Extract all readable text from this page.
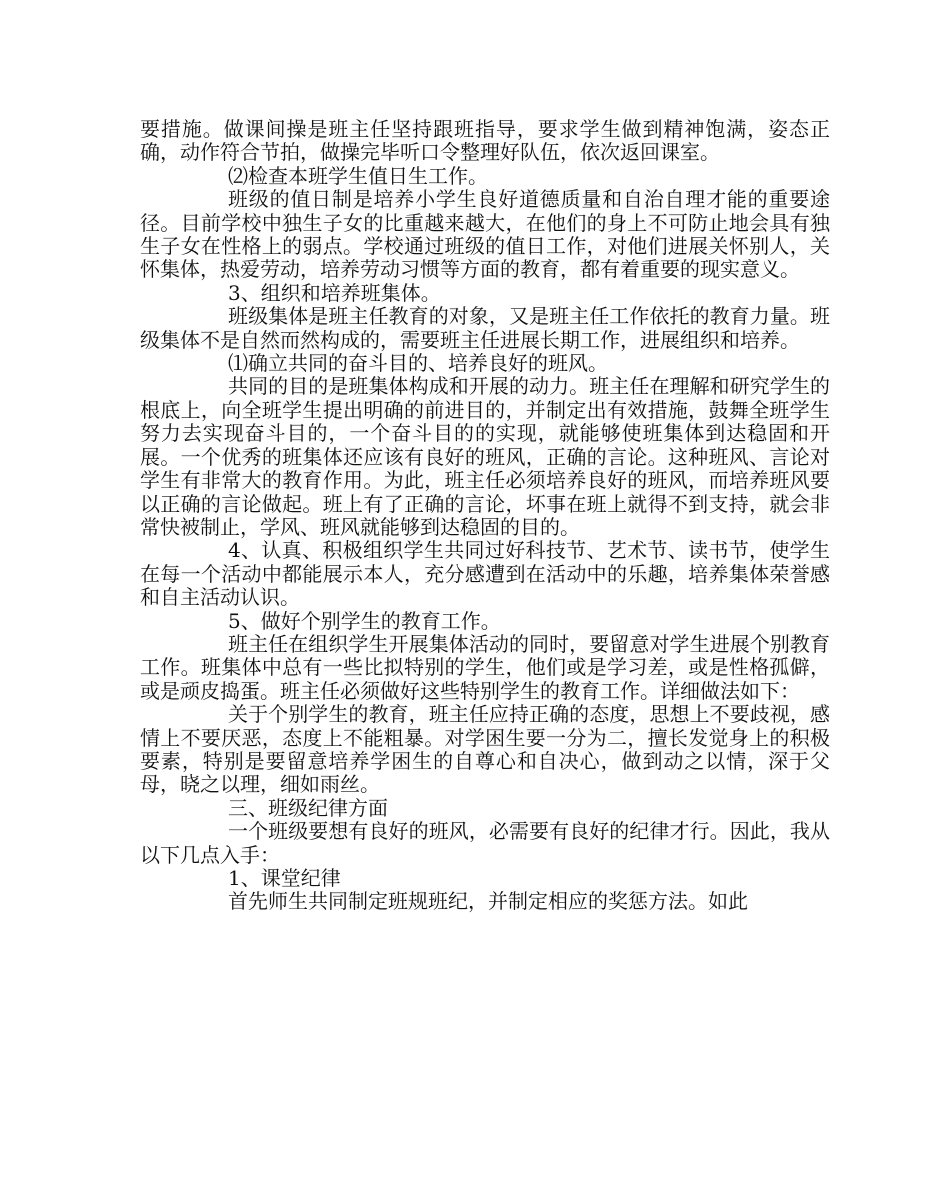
要措施。做课间操是班主任坚持跟班指导，要求学生做到精神饱满，姿态正确，动作符合节拍，做操完毕听口令整理好队伍，依次返回课室。

⑵检查本班学生值日生工作。

班级的值日制是培养小学生良好道德质量和自治自理才能的重要途径。目前学校中独生子女的比重越来越大，在他们的身上不可防止地会具有独生子女在性格上的弱点。学校通过班级的值日工作，对他们进展关怀别人，关怀集体，热爱劳动，培养劳动习惯等方面的教育，都有着重要的现实意义。

3、组织和培养班集体。

班级集体是班主任教育的对象，又是班主任工作依托的教育力量。班级集体不是自然而然构成的，需要班主任进展长期工作，进展组织和培养。

⑴确立共同的奋斗目的、培养良好的班风。

共同的目的是班集体构成和开展的动力。班主任在理解和研究学生的根底上，向全班学生提出明确的前进目的，并制定出有效措施，鼓舞全班学生努力去实现奋斗目的，一个奋斗目的的实现，就能够使班集体到达稳固和开展。一个优秀的班集体还应该有良好的班风，正确的言论。这种班风、言论对学生有非常大的教育作用。为此，班主任必须培养良好的班风，而培养班风要以正确的言论做起。班上有了正确的言论，坏事在班上就得不到支持，就会非常快被制止，学风、班风就能够到达稳固的目的。

4、认真、积极组织学生共同过好科技节、艺术节、读书节，使学生在每一个活动中都能展示本人，充分感遭到在活动中的乐趣，培养集体荣誉感和自主活动认识。

5、做好个别学生的教育工作。

班主任在组织学生开展集体活动的同时，要留意对学生进展个别教育工作。班集体中总有一些比拟特别的学生，他们或是学习差，或是性格孤僻，或是顽皮捣蛋。班主任必须做好这些特别学生的教育工作。详细做法如下：

关于个别学生的教育，班主任应持正确的态度，思想上不要歧视，感情上不要厌恶，态度上不能粗暴。对学困生要一分为二，擅长发觉身上的积极要素，特别是要留意培养学困生的自尊心和自决心，做到动之以情，深于父母，晓之以理，细如雨丝。

三、班级纪律方面

一个班级要想有良好的班风，必需要有良好的纪律才行。因此，我从以下几点入手：

1、课堂纪律

首先师生共同制定班规班纪，并制定相应的奖惩方法。如此
